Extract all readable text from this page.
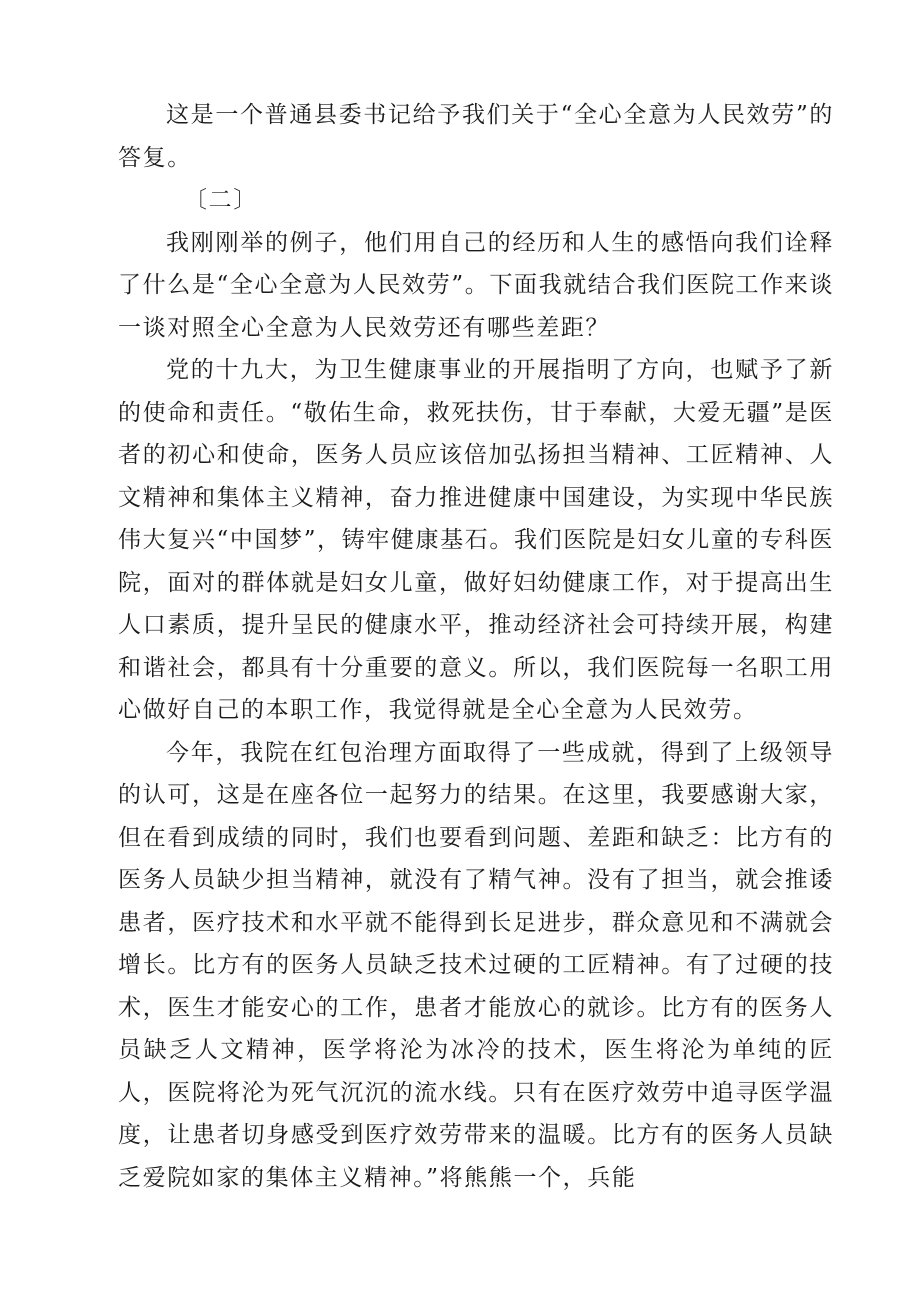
这是一个普通县委书记给予我们关于“全心全意为人民效劳”的答复。

〔二〕

我刚刚举的例子，他们用自己的经历和人生的感悟向我们诠释了什么是“全心全意为人民效劳”。下面我就结合我们医院工作来谈一谈对照全心全意为人民效劳还有哪些差距？

党的十九大，为卫生健康事业的开展指明了方向，也赋予了新的使命和责任。“敬佑生命，救死扶伤，甘于奉献，大爱无疆”是医者的初心和使命，医务人员应该倍加弘扬担当精神、工匠精神、人文精神和集体主义精神，奋力推进健康中国建设，为实现中华民族伟大复兴“中国梦”，铸牢健康基石。我们医院是妇女儿童的专科医院，面对的群体就是妇女儿童，做好妇幼健康工作，对于提高出生人口素质，提升呈民的健康水平，推动经济社会可持续开展，构建和谐社会，都具有十分重要的意义。所以，我们医院每一名职工用心做好自己的本职工作，我觉得就是全心全意为人民效劳。

今年，我院在红包治理方面取得了一些成就，得到了上级领导的认可，这是在座各位一起努力的结果。在这里，我要感谢大家，但在看到成绩的同时，我们也要看到问题、差距和缺乏：比方有的医务人员缺少担当精神，就没有了精气神。没有了担当，就会推诿患者，医疗技术和水平就不能得到长足进步，群众意见和不满就会增长。比方有的医务人员缺乏技术过硬的工匠精神。有了过硬的技术，医生才能安心的工作，患者才能放心的就诊。比方有的医务人员缺乏人文精神，医学将沦为冰冷的技术，医生将沦为单纯的匠人，医院将沦为死气沉沉的流水线。只有在医疗效劳中追寻医学温度，让患者切身感受到医疗效劳带来的温暖。比方有的医务人员缺乏爱院如家的集体主义精神。”将熊熊一个，兵能
